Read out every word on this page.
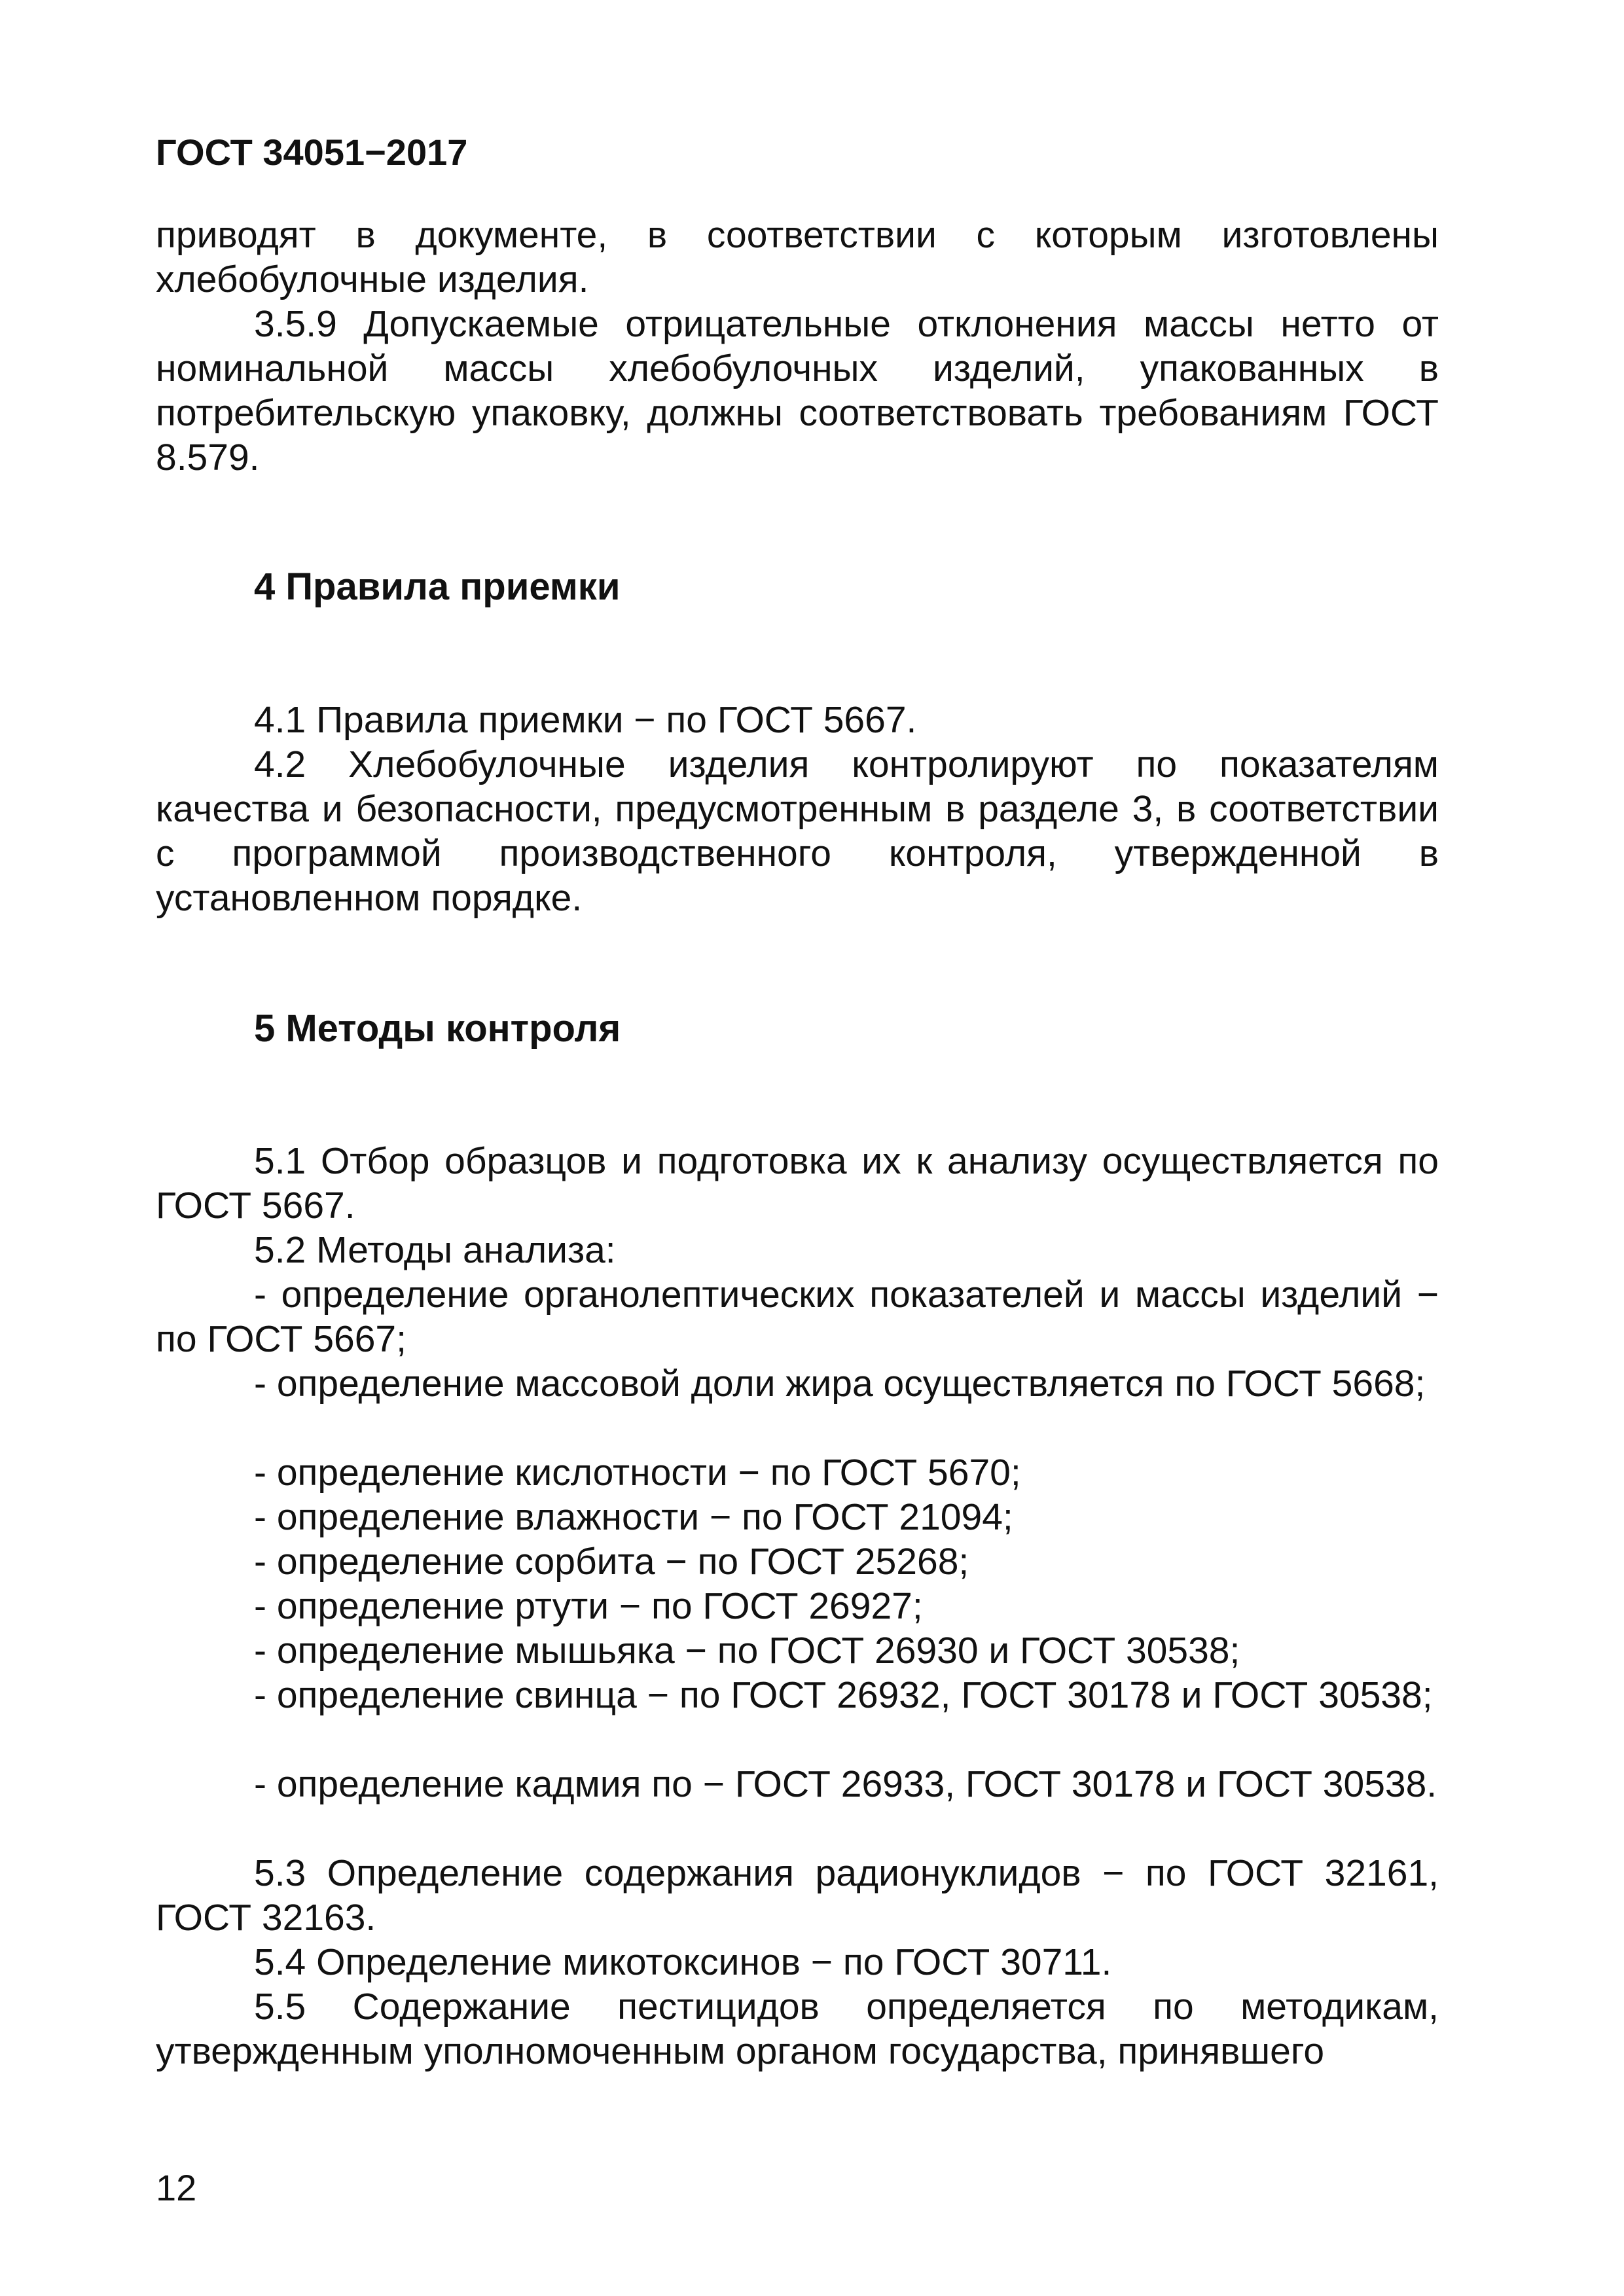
ГОСТ 34051−2017
приводят в документе, в соответствии с которым изготовлены хлебобулочные изделия.
3.5.9 Допускаемые отрицательные отклонения массы нетто от номинальной массы хлебобулочных изделий, упакованных в потребительскую упаковку, должны соответствовать требованиям ГОСТ 8.579.
4 Правила приемки
4.1 Правила приемки − по ГОСТ 5667.
4.2 Хлебобулочные изделия контролируют по показателям качества и безопасности, предусмотренным в разделе 3, в соответствии с программой производственного контроля, утвержденной в установленном порядке.
5 Методы контроля
5.1 Отбор образцов и подготовка их к анализу осуществляется по ГОСТ 5667.
5.2 Методы анализа:
- определение органолептических показателей и массы изделий − по ГОСТ 5667;
- определение массовой доли жира осуществляется по ГОСТ 5668;
- определение кислотности − по ГОСТ 5670;
- определение влажности − по ГОСТ 21094;
- определение сорбита − по ГОСТ 25268;
- определение ртути − по ГОСТ 26927;
- определение мышьяка − по ГОСТ 26930 и ГОСТ 30538;
- определение свинца − по ГОСТ 26932, ГОСТ 30178 и ГОСТ 30538;
- определение кадмия по − ГОСТ 26933, ГОСТ 30178 и ГОСТ 30538.
5.3 Определение содержания радионуклидов − по ГОСТ 32161, ГОСТ 32163.
5.4 Определение микотоксинов − по ГОСТ 30711.
5.5 Содержание пестицидов определяется по методикам, утвержденным уполномоченным органом государства, принявшего
12
